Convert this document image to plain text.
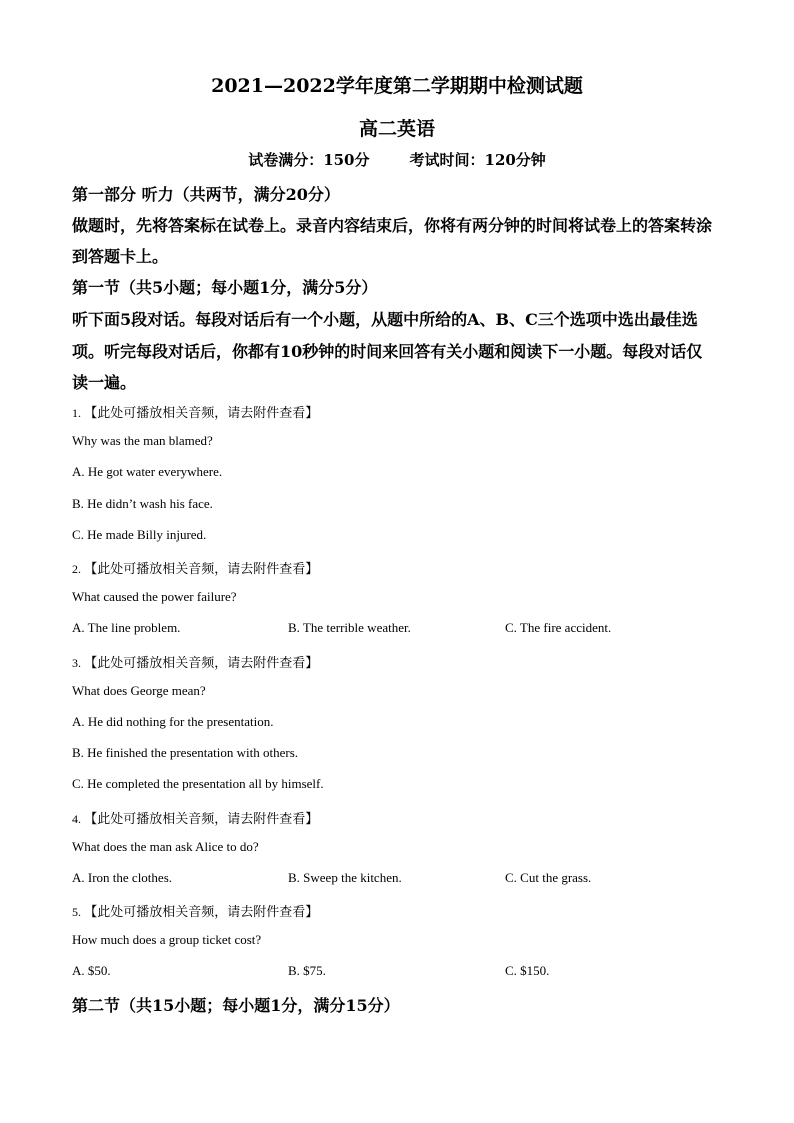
2021—2022学年度第二学期期中检测试题
高二英语
试卷满分：150分	考试时间：120分钟
第一部分 听力（共两节，满分20分）
做题时，先将答案标在试卷上。录音内容结束后，你将有两分钟的时间将试卷上的答案转涂
到答题卡上。
第一节（共5小题；每小题1分，满分5分）
听下面5段对话。每段对话后有一个小题，从题中所给的A、B、C三个选项中选出最佳选
项。听完每段对话后，你都有10秒钟的时间来回答有关小题和阅读下一小题。每段对话仅
读一遍。
1. 【此处可播放相关音频，请去附件查看】
Why was the man blamed?
A. He got water everywhere.
B. He didn’t wash his face.
C. He made Billy injured.
2. 【此处可播放相关音频，请去附件查看】
What caused the power failure?
A. The line problem.	B. The terrible weather.	C. The fire accident.
3. 【此处可播放相关音频，请去附件查看】
What does George mean?
A. He did nothing for the presentation.
B. He finished the presentation with others.
C. He completed the presentation all by himself.
4. 【此处可播放相关音频，请去附件查看】
What does the man ask Alice to do?
A. Iron the clothes.	B. Sweep the kitchen.	C. Cut the grass.
5. 【此处可播放相关音频，请去附件查看】
How much does a group ticket cost?
A. $50.	B. $75.	C. $150.
第二节（共15小题；每小题1分，满分15分）
